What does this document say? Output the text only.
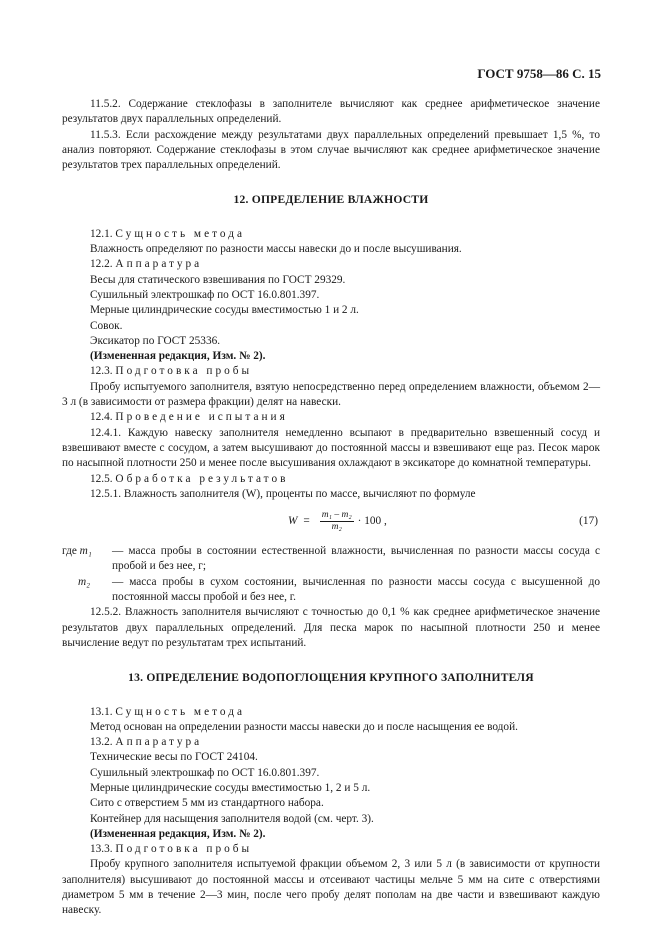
ГОСТ 9758—86 С. 15

11.5.2. Содержание стеклофазы в заполнителе вычисляют как среднее арифметическое значение результатов двух параллельных определений.

11.5.3. Если расхождение между результатами двух параллельных определений превышает 1,5 %, то анализ повторяют. Содержание стеклофазы в этом случае вычисляют как среднее арифметическое значение результатов трех параллельных определений.

12. ОПРЕДЕЛЕНИЕ ВЛАЖНОСТИ

12.1. Сущность метода

Влажность определяют по разности массы навески до и после высушивания.

12.2. Аппаратура

Весы для статического взвешивания по ГОСТ 29329.

Сушильный электрошкаф по ОСТ 16.0.801.397.

Мерные цилиндрические сосуды вместимостью 1 и 2 л.

Совок.

Эксикатор по ГОСТ 25336.

(Измененная редакция, Изм. № 2).

12.3. Подготовка пробы

Пробу испытуемого заполнителя, взятую непосредственно перед определением влажности, объемом 2—3 л (в зависимости от размера фракции) делят на навески.

12.4. Проведение испытания

12.4.1. Каждую навеску заполнителя немедленно всыпают в предварительно взвешенный сосуд и взвешивают вместе с сосудом, а затем высушивают до постоянной массы и взвешивают еще раз. Песок марок по насыпной плотности 250 и менее после высушивания охлаждают в эксикаторе до комнатной температуры.

12.5. Обработка результатов

12.5.1. Влажность заполнителя (W), проценты по массе, вычисляют по формуле

$W = \frac{\text{m₁ – m₂}}{\text{m₂}} \cdot 100$ ,	(17)
где m₁	— масса пробы в состоянии естественной влажности, вычисленная по разности массы сосуда с пробой и без нее, г;
m₂	— масса пробы в сухом состоянии, вычисленная по разности массы сосуда с высушенной до постоянной массы пробой и без нее, г.

12.5.2. Влажность заполнителя вычисляют с точностью до 0,1 % как среднее арифметическое значение результатов двух параллельных определений. Для песка марок по насыпной плотности 250 и менее вычисление ведут по результатам трех испытаний.

13. ОПРЕДЕЛЕНИЕ ВОДОПОГЛОЩЕНИЯ КРУПНОГО ЗАПОЛНИТЕЛЯ

13.1. Сущность метода

Метод основан на определении разности массы навески до и после насыщения ее водой.

13.2. Аппаратура

Технические весы по ГОСТ 24104.

Сушильный электрошкаф по ОСТ 16.0.801.397.

Мерные цилиндрические сосуды вместимостью 1, 2 и 5 л.

Сито с отверстием 5 мм из стандартного набора.

Контейнер для насыщения заполнителя водой (см. черт. 3).

(Измененная редакция, Изм. № 2).

13.3. Подготовка пробы

Пробу крупного заполнителя испытуемой фракции объемом 2, 3 или 5 л (в зависимости от крупности заполнителя) высушивают до постоянной массы и отсеивают частицы мельче 5 мм на сите с отверстиями диаметром 5 мм в течение 2—3 мин, после чего пробу делят пополам на две части и взвешивают каждую навеску.
